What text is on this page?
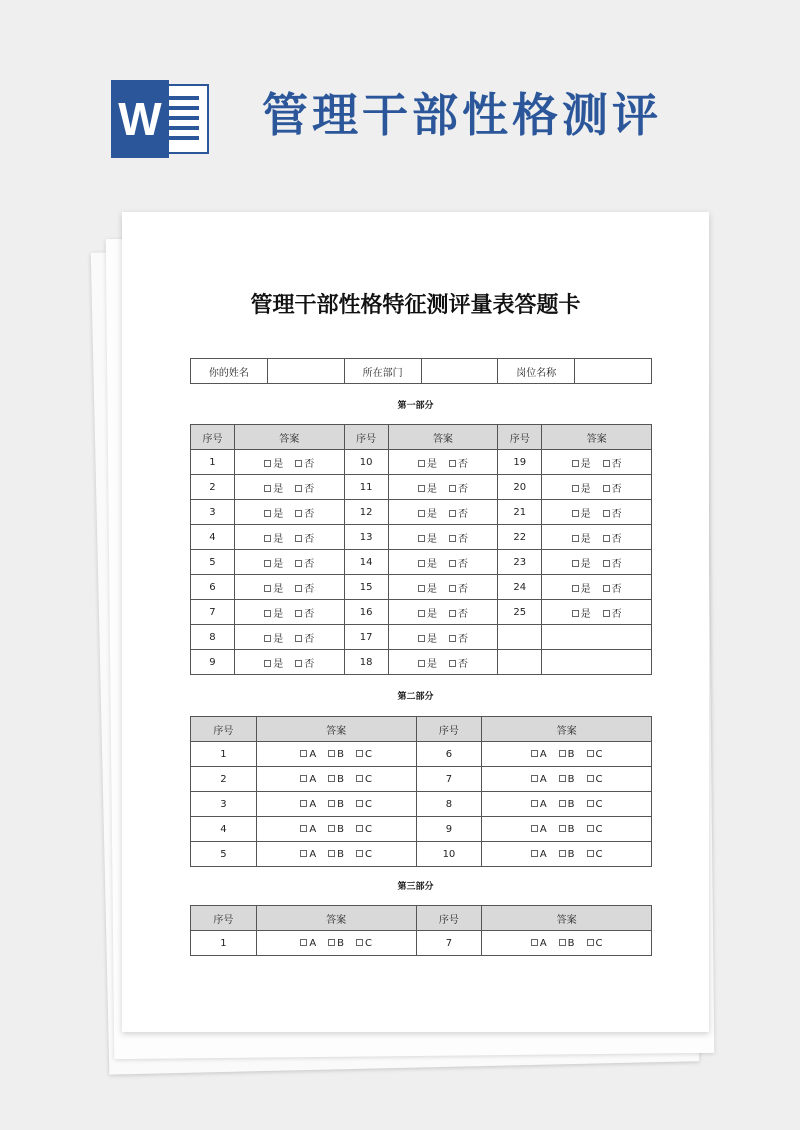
W 管理干部性格测评
管理干部性格特征测评量表答题卡
你的姓名		所在部门		岗位名称	
第一部分
序号	答案	序号	答案	序号	答案
1	是 否	10	是 否	19	是 否
2	是 否	11	是 否	20	是 否
3	是 否	12	是 否	21	是 否
4	是 否	13	是 否	22	是 否
5	是 否	14	是 否	23	是 否
6	是 否	15	是 否	24	是 否
7	是 否	16	是 否	25	是 否
8	是 否	17	是 否		
9	是 否	18	是 否		
第二部分
序号	答案	序号	答案
1	A B C	6	A B C
2	A B C	7	A B C
3	A B C	8	A B C
4	A B C	9	A B C
5	A B C	10	A B C
第三部分
序号	答案	序号	答案
1	A B C	7	A B C
